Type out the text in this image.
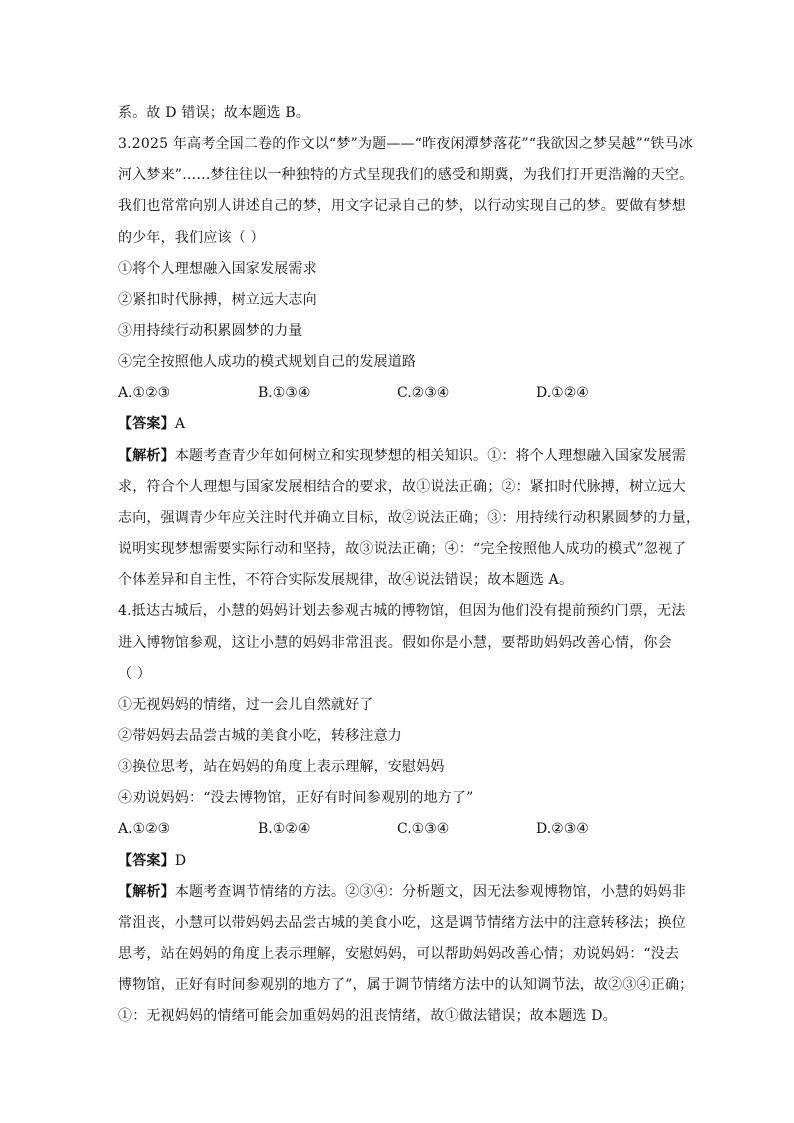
系。故 D 错误；故本题选 B。
3.2025 年高考全国二卷的作文以“梦”为题——“昨夜闲潭梦落花”“我欲因之梦吴越”“铁马冰
河入梦来”……梦往往以一种独特的方式呈现我们的感受和期冀，为我们打开更浩瀚的天空。
我们也常常向别人讲述自己的梦，用文字记录自己的梦，以行动实现自己的梦。要做有梦想
的少年，我们应该（ ）
①将个人理想融入国家发展需求
②紧扣时代脉搏，树立远大志向
③用持续行动积累圆梦的力量
④完全按照他人成功的模式规划自己的发展道路
A.①②③	B.①③④	C.②③④	D.①②④
【答案】A
【解析】本题考查青少年如何树立和实现梦想的相关知识。①：将个人理想融入国家发展需
求，符合个人理想与国家发展相结合的要求，故①说法正确；②：紧扣时代脉搏，树立远大
志向，强调青少年应关注时代并确立目标，故②说法正确；③：用持续行动积累圆梦的力量，
说明实现梦想需要实际行动和坚持，故③说法正确；④：“完全按照他人成功的模式”忽视了
个体差异和自主性，不符合实际发展规律，故④说法错误；故本题选 A。
4.抵达古城后，小慧的妈妈计划去参观古城的博物馆，但因为他们没有提前预约门票，无法
进入博物馆参观，这让小慧的妈妈非常沮丧。假如你是小慧，要帮助妈妈改善心情，你会
（ ）
①无视妈妈的情绪，过一会儿自然就好了
②带妈妈去品尝古城的美食小吃，转移注意力
③换位思考，站在妈妈的角度上表示理解，安慰妈妈
④劝说妈妈：“没去博物馆，正好有时间参观别的地方了”
A.①②③	B.①②④	C.①③④	D.②③④
【答案】D
【解析】本题考查调节情绪的方法。②③④：分析题文，因无法参观博物馆，小慧的妈妈非
常沮丧，小慧可以带妈妈去品尝古城的美食小吃，这是调节情绪方法中的注意转移法；换位
思考，站在妈妈的角度上表示理解，安慰妈妈，可以帮助妈妈改善心情；劝说妈妈：“没去
博物馆，正好有时间参观别的地方了”，属于调节情绪方法中的认知调节法，故②③④正确；
①：无视妈妈的情绪可能会加重妈妈的沮丧情绪，故①做法错误；故本题选 D。
